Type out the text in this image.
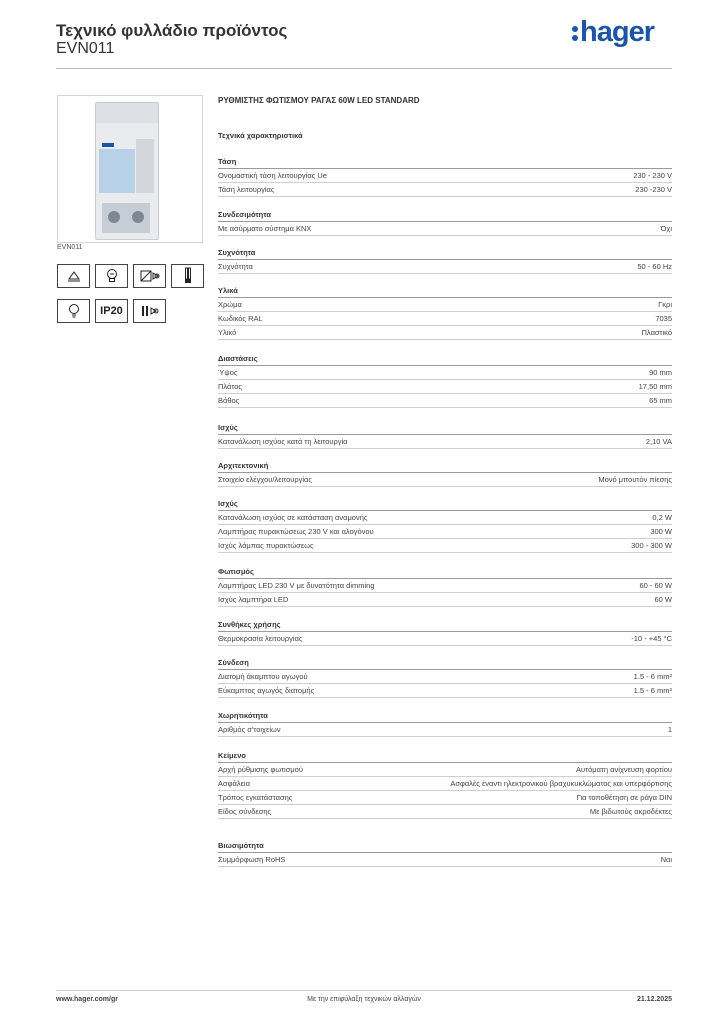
Τεχνικό φυλλάδιο προϊόντος
EVN011
hager
EVN011
IP20
ΡΥΘΜΙΣΤΗΣ ΦΩΤΙΣΜΟΥ ΡΑΓΑΣ 60W LED STANDARD
Τεχνικά χαρακτηριστικά
Τάση
Ονομαστική τάση λειτουργίας Ue	230 - 230 V
Τάση λειτουργίας	230 -230 V
Συνδεσιμότητα
Με ασύρματο σύστημα KNX	Όχι
Συχνότητα
Συχνότητα	50 - 60 Hz
Υλικά
Χρώμα	Γκρι
Κωδικός RAL	7035
Υλικό	Πλαστικό
Διαστάσεις
Ύψος	90 mm
Πλάτος	17,50 mm
Βάθος	65 mm
Ισχύς
Κατανάλωση ισχύος κατά τη λειτουργία	2,10 VA
Αρχιτεκτονική
Στοιχείο ελέγχου/λειτουργίας	Μονό μπουτόν πίεσης
Ισχύς
Κατανάλωση ισχύος σε κατάσταση αναμονής	0,2 W
Λαμπτήρας πυρακτώσεως 230 V και αλογόνου	300 W
Ισχύς λάμπας πυρακτώσεως	300 - 300 W
Φωτισμός
Λαμπτήρας LED 230 V με δυνατότητα dimming	60 - 60 W
Ισχύς λαμπτήρα LED	60 W
Συνθήκες χρήσης
Θερμοκρασία λειτουργίας	-10 - +45 °C
Σύνδεση
Διατομή άκαμπτου αγωγού	1.5 - 6 mm²
Εύκαμπτος αγωγός διατομής	1.5 - 6 mm²
Χωρητικότητα
Αριθμός σ'τοιχείων	1
Κείμενο
Αρχή ρύθμισης φωτισμού	Αυτόματη ανίχνευση φορτίου
Ασφάλεια	Ασφαλές έναντι ηλεκτρονικού βραχυκυκλώματος και υπερφόρτισης
Τρόπος εγκατάστασης	Για τοποθέτηση σε ράγα DIN
Είδος σύνδεσης	Με βιδωτούς ακροδέκτες
Βιωσιμότητα
Συμμόρφωση RoHS	Ναι
Με την επιφύλαξη τεχνικών αλλαγών
www.hager.com/gr	21.12.2025
